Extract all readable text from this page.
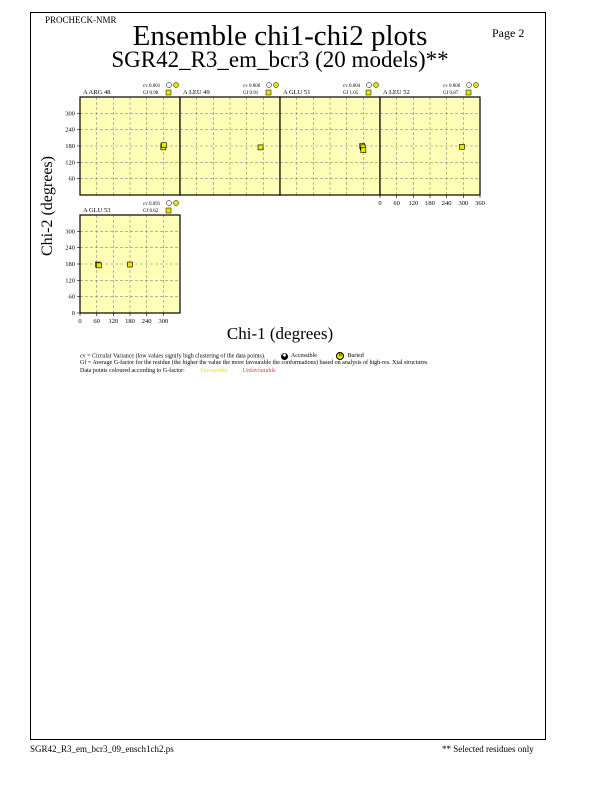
PROCHECK-NMR
Page 2
Ensemble chi1-chi2 plots
SGR42_R3_em_bcr3 (20 models)**
Chi-2 (degrees)
Chi-1 (degrees)
A ARG 48
cv 0.001
Gf 0.98	A LEU 49
cv 0.000
Gf 0.91	A GLU 51
cv 0.004
Gf 1.05	A LEU 52
cv 0.000
Gf 0.87
A GLU 53
cv 0.091
Gf 0.62
60
120
180
240
300
0 60 120 180 240 300 360
0
60
120
180
240
300
0 60 120 180 240 300
cv = Circular Variance (low values signify high clustering of the data points).	✱ Accessible	B Buried
Gf = Average G-factor for the residue (the higher the value the more favourable the conformations) based on analysis of high-res. Xtal structures
Data points coloured according to G-factor:	Favourable	Unfavourable
SGR42_R3_em_bcr3_09_ensch1ch2.ps	** Selected residues only
